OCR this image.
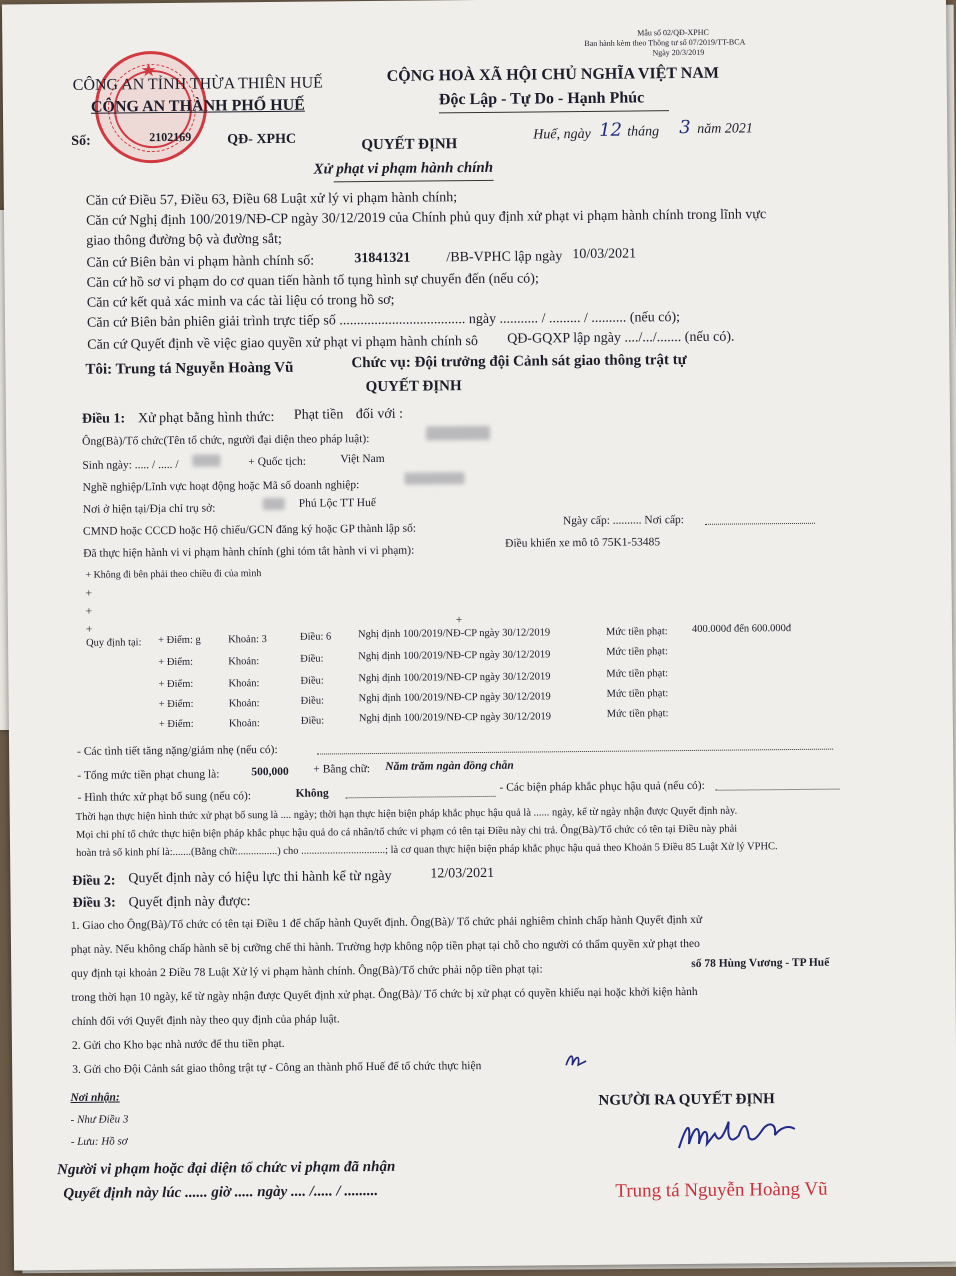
Mẫu số 02/QĐ-XPHC
Ban hành kèm theo Thông tư số 07/2019/TT-BCA
Ngày 20/3/2019
★
CÔNG AN TỈNH THỪA THIÊN HUẾ
CÔNG AN THÀNH PHỐ HUẾ
CỘNG HOÀ XÃ HỘI CHỦ NGHĨA VIỆT NAM
Độc Lập - Tự Do - Hạnh Phúc
Số:	2102169	QĐ- XPHC	QUYẾT ĐỊNH
Huế, ngày 12 tháng 3 năm 2021
Xử phạt vi phạm hành chính
Căn cứ Điều 57, Điều 63, Điều 68 Luật xử lý vi phạm hành chính;
Căn cứ Nghị định 100/2019/NĐ-CP ngày 30/12/2019 của Chính phủ quy định xử phạt vi phạm hành chính trong lĩnh vực
giao thông đường bộ và đường sắt;
Căn cứ Biên bản vi phạm hành chính số:	31841321	/BB-VPHC lập ngày 10/03/2021
Căn cứ hồ sơ vi phạm do cơ quan tiến hành tố tụng hình sự chuyển đến (nếu có);
Căn cứ kết quả xác minh va các tài liệu có trong hồ sơ;
Căn cứ Biên bản phiên giải trình trực tiếp số .................................... ngày ........... / ......... / .......... (nếu có);
Căn cứ Quyết định về việc giao quyền xử phạt vi phạm hành chính sô QĐ-GQXP lập ngày ..../.../....... (nếu có).
Tôi: Trung tá Nguyễn Hoàng Vũ	Chức vụ: Đội trưởng đội Cảnh sát giao thông trật tự
QUYẾT ĐỊNH
Điều 1: Xử phạt bằng hình thức: Phạt tiền đối với :
Ông(Bà)/Tổ chức(Tên tổ chức, người đại diện theo pháp luật):
Sinh ngày: ..... / ..... /	+ Quốc tịch:	Việt Nam
Nghề nghiệp/Lĩnh vực hoạt động hoặc Mã số doanh nghiệp:
Nơi ở hiện tại/Địa chỉ trụ sở:	Phú Lộc TT Huế
CMND hoặc CCCD hoặc Hộ chiếu/GCN đăng ký hoặc GP thành lập số:
Ngày cấp: .......... Nơi cấp:
Đã thực hiện hành vi vi phạm hành chính (ghi tóm tắt hành vi vi phạm):
Điều khiển xe mô tô 75K1-53485
+ Không đi bên phải theo chiều đi của mình
+
+
+
+
Quy định tại: + Điểm: g	Khoản: 3	Điều: 6	Nghị định 100/2019/NĐ-CP ngày 30/12/2019	Mức tiền phạt: 400.000đ đến 600.000đ
+ Điểm:	Khoản:	Điều:	Nghị định 100/2019/NĐ-CP ngày 30/12/2019	Mức tiền phạt:
+ Điểm:	Khoản:	Điều:	Nghị định 100/2019/NĐ-CP ngày 30/12/2019	Mức tiền phạt:
+ Điểm:	Khoản:	Điều:	Nghị định 100/2019/NĐ-CP ngày 30/12/2019	Mức tiền phạt:
+ Điểm:	Khoản:	Điều:	Nghị định 100/2019/NĐ-CP ngày 30/12/2019	Mức tiền phạt:
- Các tình tiết tăng nặng/giảm nhẹ (nếu có):
- Tổng mức tiền phạt chung là:	500,000 + Bằng chữ: Năm trăm ngàn đồng chẵn
- Hình thức xử phạt bổ sung (nếu có):	Không	- Các biện pháp khắc phục hậu quả (nếu có):
Thời hạn thực hiện hình thức xử phạt bổ sung là .... ngày; thời hạn thực hiện biện pháp khắc phục hậu quả là ...... ngày, kể từ ngày nhận được Quyết định này.
Mọi chi phí tổ chức thực hiện biện pháp khắc phục hậu quả do cá nhân/tổ chức vi phạm có tên tại Điều này chi trả. Ông(Bà)/Tổ chức có tên tại Điều này phải
hoàn trả số kinh phí là:.......(Bằng chữ:...............) cho ................................; là cơ quan thực hiện biện pháp khắc phục hậu quả theo Khoản 5 Điều 85 Luật Xử lý VPHC.
Điều 2: Quyết định này có hiệu lực thi hành kể từ ngày	12/03/2021
Điều 3: Quyết định này được:
1. Giao cho Ông(Bà)/Tổ chức có tên tại Điều 1 để chấp hành Quyết định. Ông(Bà)/ Tổ chức phải nghiêm chỉnh chấp hành Quyết định xử
phạt này. Nếu không chấp hành sẽ bị cưỡng chế thi hành. Trường hợp không nộp tiền phạt tại chỗ cho người có thẩm quyền xử phạt theo
quy định tại khoản 2 Điều 78 Luật Xử lý vi phạm hành chính. Ông(Bà)/Tổ chức phải nộp tiền phạt tại:
số 78 Hùng Vương - TP Huế
trong thời hạn 10 ngày, kể từ ngày nhận được Quyết định xử phạt. Ông(Bà)/ Tổ chức bị xử phạt có quyền khiếu nại hoặc khởi kiện hành
chính đối với Quyết định này theo quy định của pháp luật.
2. Gửi cho Kho bạc nhà nước để thu tiền phạt.
3. Gửi cho Đội Cảnh sát giao thông trật tự - Công an thành phố Huế để tổ chức thực hiện
Nơi nhận:
- Như Điều 3
- Lưu: Hồ sơ
NGƯỜI RA QUYẾT ĐỊNH
Người vi phạm hoặc đại diện tổ chức vi phạm đã nhận
Quyết định này lúc ...... giờ ..... ngày .... /..... / .........	Trung tá Nguyễn Hoàng Vũ
